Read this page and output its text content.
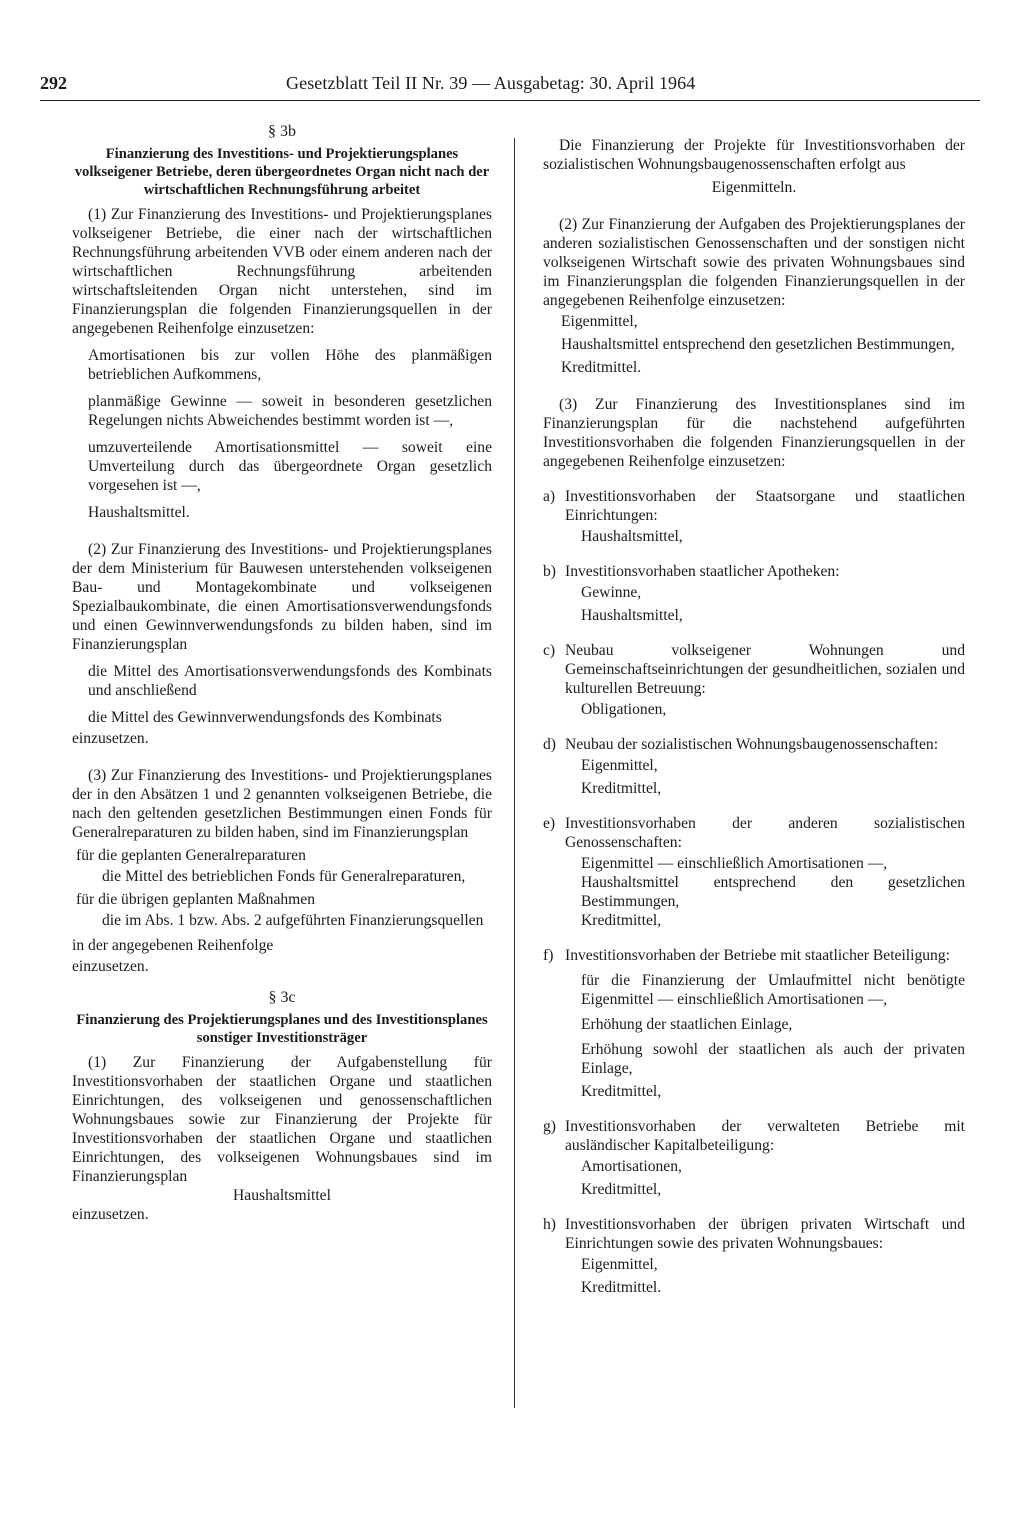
292	Gesetzblatt Teil II Nr. 39 — Ausgabetag: 30. April 1964
§ 3b
Finanzierung des Investitions- und Projektierungsplanes volkseigener Betriebe, deren übergeordnetes Organ nicht nach der wirtschaftlichen Rechnungsführung arbeitet

(1) Zur Finanzierung des Investitions- und Projektierungsplanes volkseigener Betriebe, die einer nach der wirtschaftlichen Rechnungsführung arbeitenden VVB oder einem anderen nach der wirtschaftlichen Rechnungsführung arbeitenden wirtschaftsleitenden Organ nicht unterstehen, sind im Finanzierungsplan die folgenden Finanzierungsquellen in der angegebenen Reihenfolge einzusetzen:

Amortisationen bis zur vollen Höhe des planmäßigen betrieblichen Aufkommens,

planmäßige Gewinne — soweit in besonderen gesetzlichen Regelungen nichts Abweichendes bestimmt worden ist —,

umzuverteilende Amortisationsmittel — soweit eine Umverteilung durch das übergeordnete Organ gesetzlich vorgesehen ist —,

Haushaltsmittel.

(2) Zur Finanzierung des Investitions- und Projektierungsplanes der dem Ministerium für Bauwesen unterstehenden volkseigenen Bau- und Montagekombinate und volkseigenen Spezialbaukombinate, die einen Amortisationsverwendungsfonds und einen Gewinnverwendungsfonds zu bilden haben, sind im Finanzierungsplan

die Mittel des Amortisationsverwendungsfonds des Kombinats und anschließend

die Mittel des Gewinnverwendungsfonds des Kombinats

einzusetzen.

(3) Zur Finanzierung des Investitions- und Projektierungsplanes der in den Absätzen 1 und 2 genannten volkseigenen Betriebe, die nach den geltenden gesetzlichen Bestimmungen einen Fonds für Generalreparaturen zu bilden haben, sind im Finanzierungsplan

für die geplanten Generalreparaturen

die Mittel des betrieblichen Fonds für Generalreparaturen,

für die übrigen geplanten Maßnahmen

die im Abs. 1 bzw. Abs. 2 aufgeführten Finanzierungsquellen

in der angegebenen Reihenfolge

einzusetzen.

§ 3c
Finanzierung des Projektierungsplanes und des Investitionsplanes sonstiger Investitionsträger

(1) Zur Finanzierung der Aufgabenstellung für Investitionsvorhaben der staatlichen Organe und staatlichen Einrichtungen, des volkseigenen und genossenschaftlichen Wohnungsbaues sowie zur Finanzierung der Projekte für Investitionsvorhaben der staatlichen Organe und staatlichen Einrichtungen, des volkseigenen Wohnungsbaues sind im Finanzierungsplan

Haushaltsmittel

einzusetzen.

Die Finanzierung der Projekte für Investitionsvorhaben der sozialistischen Wohnungsbaugenossenschaften erfolgt aus

Eigenmitteln.

(2) Zur Finanzierung der Aufgaben des Projektierungsplanes der anderen sozialistischen Genossenschaften und der sonstigen nicht volkseigenen Wirtschaft sowie des privaten Wohnungsbaues sind im Finanzierungsplan die folgenden Finanzierungsquellen in der angegebenen Reihenfolge einzusetzen:

Eigenmittel,

Haushaltsmittel entsprechend den gesetzlichen Bestimmungen,

Kreditmittel.

(3) Zur Finanzierung des Investitionsplanes sind im Finanzierungsplan für die nachstehend aufgeführten Investitionsvorhaben die folgenden Finanzierungsquellen in der angegebenen Reihenfolge einzusetzen:

a) Investitionsvorhaben der Staatsorgane und staatlichen Einrichtungen:

Haushaltsmittel,

b) Investitionsvorhaben staatlicher Apotheken:

Gewinne,

Haushaltsmittel,

c) Neubau volkseigener Wohnungen und Gemeinschaftseinrichtungen der gesundheitlichen, sozialen und kulturellen Betreuung:

Obligationen,

d) Neubau der sozialistischen Wohnungsbaugenossenschaften:

Eigenmittel,

Kreditmittel,

e) Investitionsvorhaben der anderen sozialistischen Genossenschaften:

Eigenmittel — einschließlich Amortisationen —,

Haushaltsmittel entsprechend den gesetzlichen Bestimmungen,

Kreditmittel,

f) Investitionsvorhaben der Betriebe mit staatlicher Beteiligung:

für die Finanzierung der Umlaufmittel nicht benötigte Eigenmittel — einschließlich Amortisationen —,

Erhöhung der staatlichen Einlage,

Erhöhung sowohl der staatlichen als auch der privaten Einlage,

Kreditmittel,

g) Investitionsvorhaben der verwalteten Betriebe mit ausländischer Kapitalbeteiligung:

Amortisationen,

Kreditmittel,

h) Investitionsvorhaben der übrigen privaten Wirtschaft und Einrichtungen sowie des privaten Wohnungsbaues:

Eigenmittel,

Kreditmittel.
